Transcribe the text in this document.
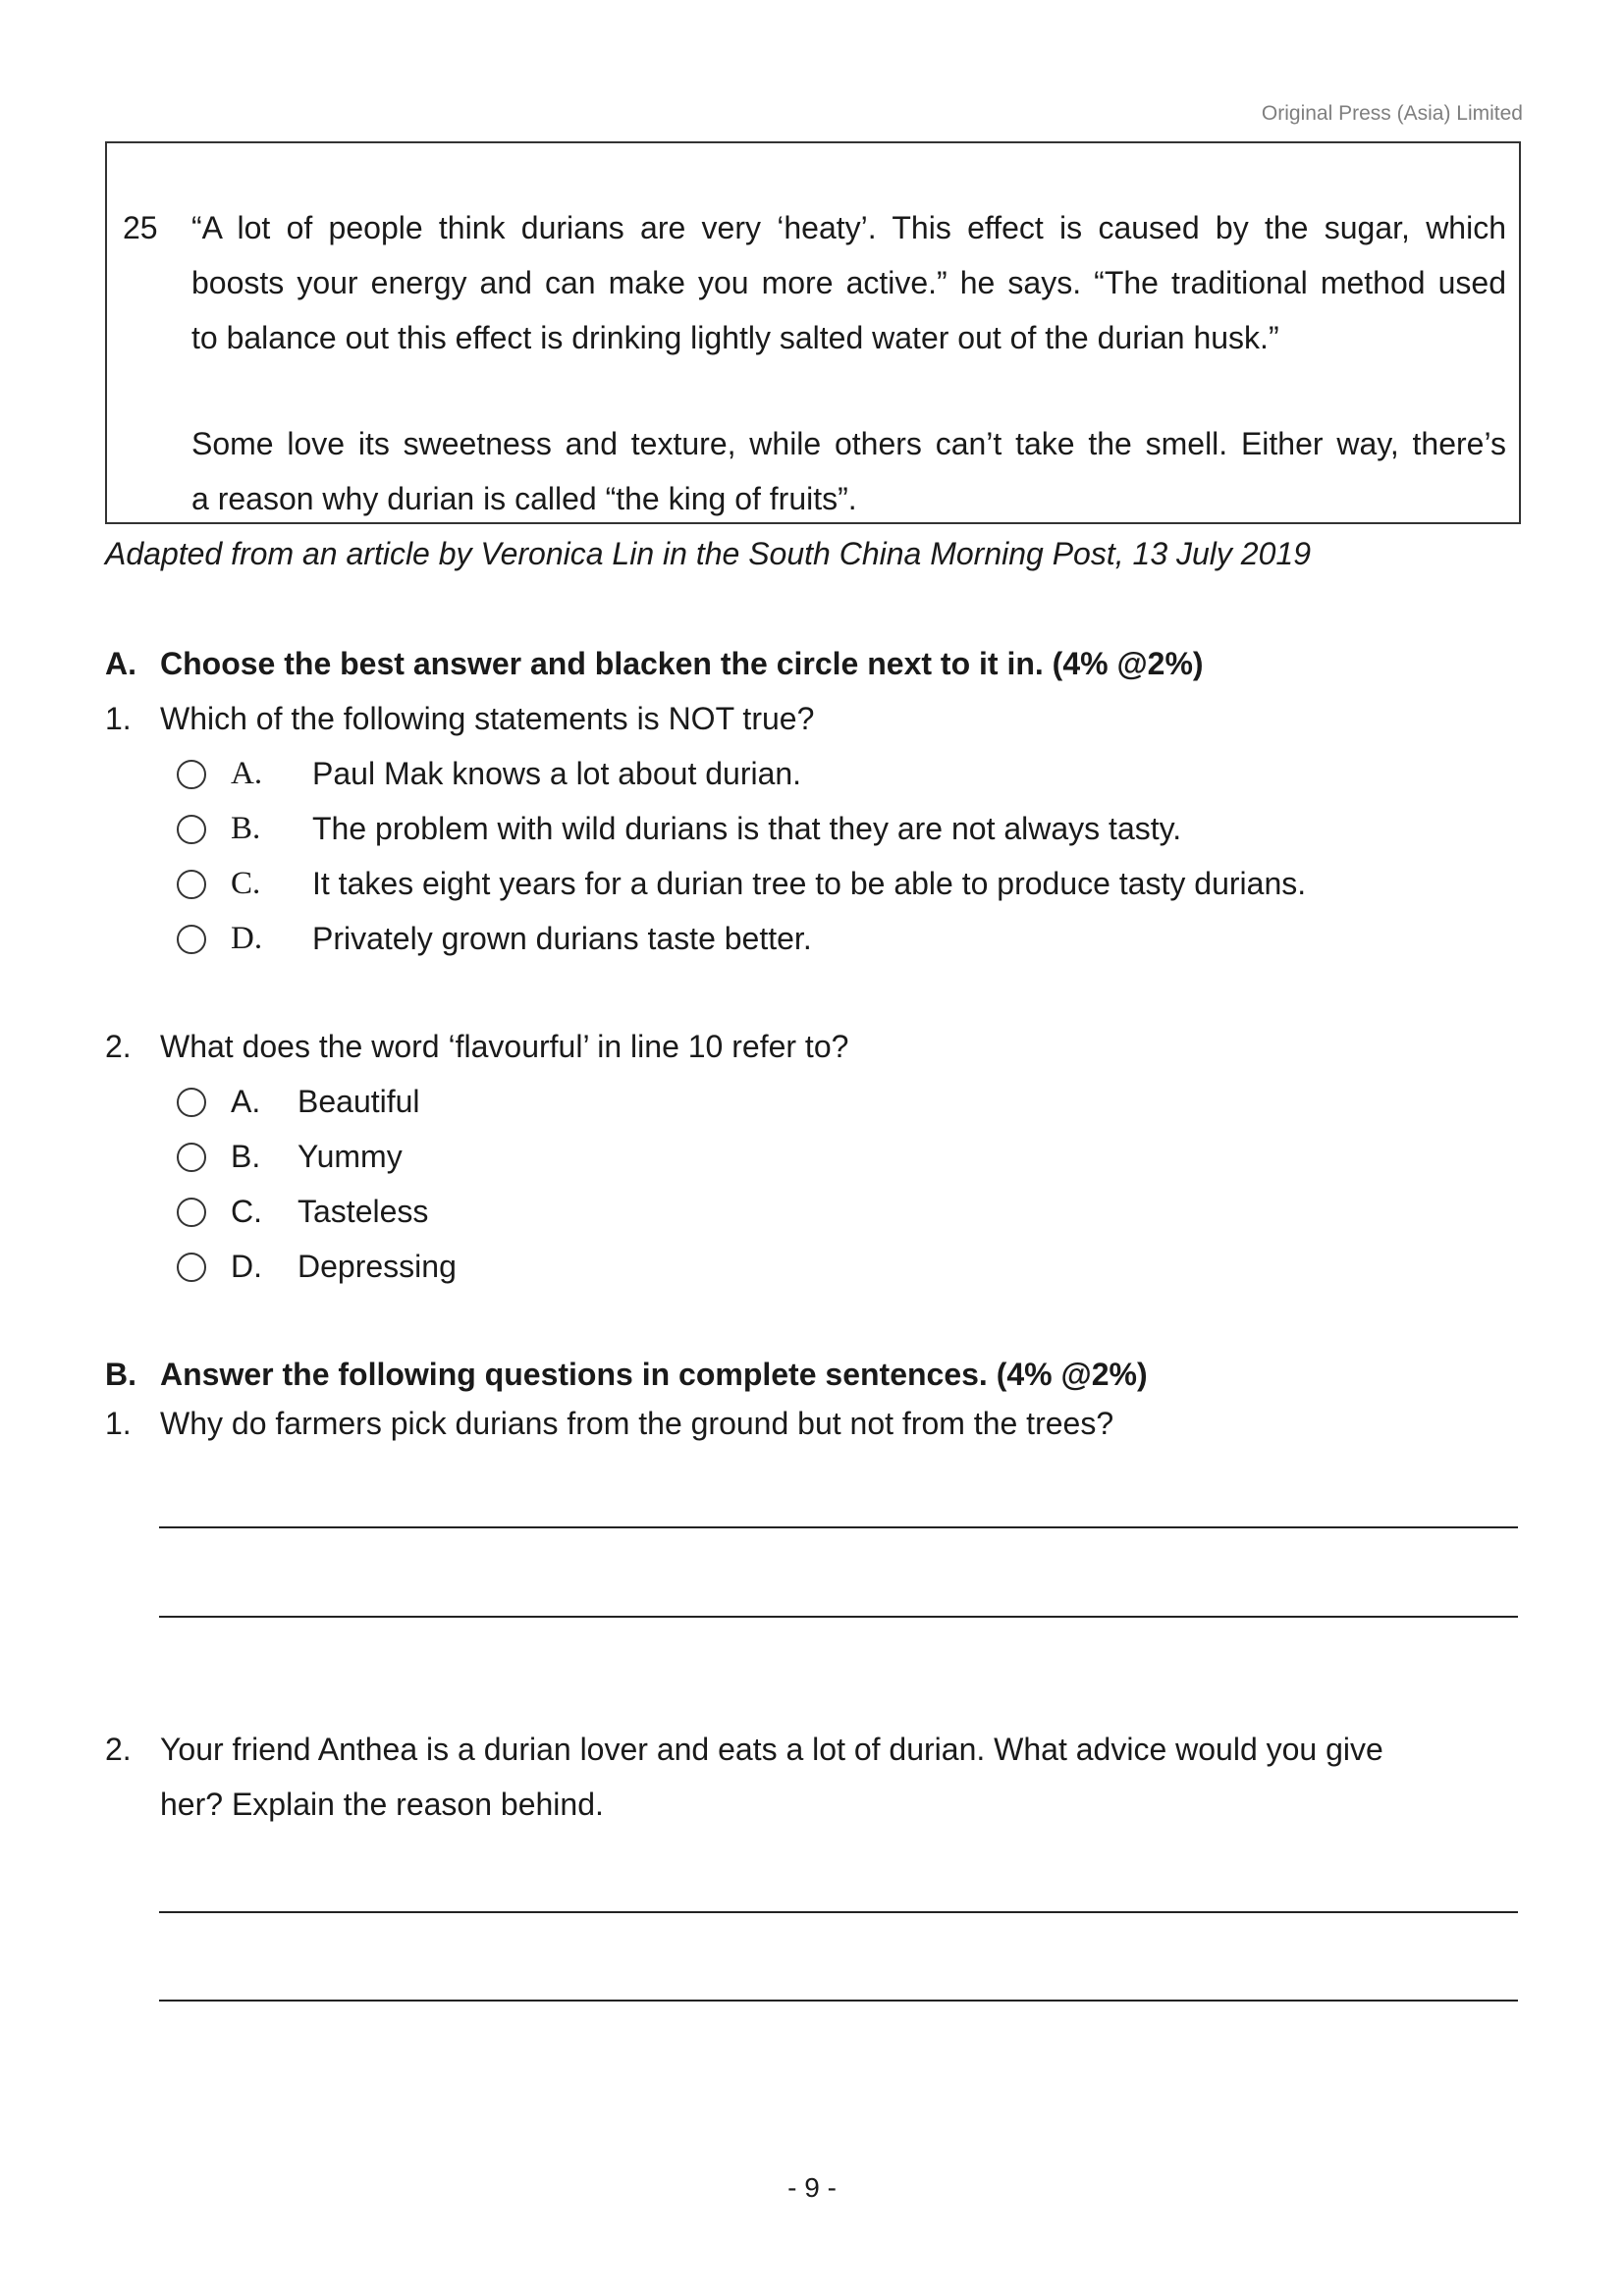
Original Press (Asia) Limited
25 “A lot of people think durians are very ‘heaty’. This effect is caused by the sugar, which
boosts your energy and can make you more active.” he says. “The traditional method used
to balance out this effect is drinking lightly salted water out of the durian husk.”
Some love its sweetness and texture, while others can’t take the smell. Either way, there’s
a reason why durian is called “the king of fruits”.
Adapted from an article by Veronica Lin in the South China Morning Post, 13 July 2019
A. Choose the best answer and blacken the circle next to it in. (4% @2%)
1. Which of the following statements is NOT true?
A. Paul Mak knows a lot about durian.
B. The problem with wild durians is that they are not always tasty.
C. It takes eight years for a durian tree to be able to produce tasty durians.
D. Privately grown durians taste better.
2. What does the word ‘flavourful’ in line 10 refer to?
A. Beautiful
B. Yummy
C. Tasteless
D. Depressing
B. Answer the following questions in complete sentences. (4% @2%)
1. Why do farmers pick durians from the ground but not from the trees?
2. Your friend Anthea is a durian lover and eats a lot of durian. What advice would you give
her? Explain the reason behind.
- 9 -
